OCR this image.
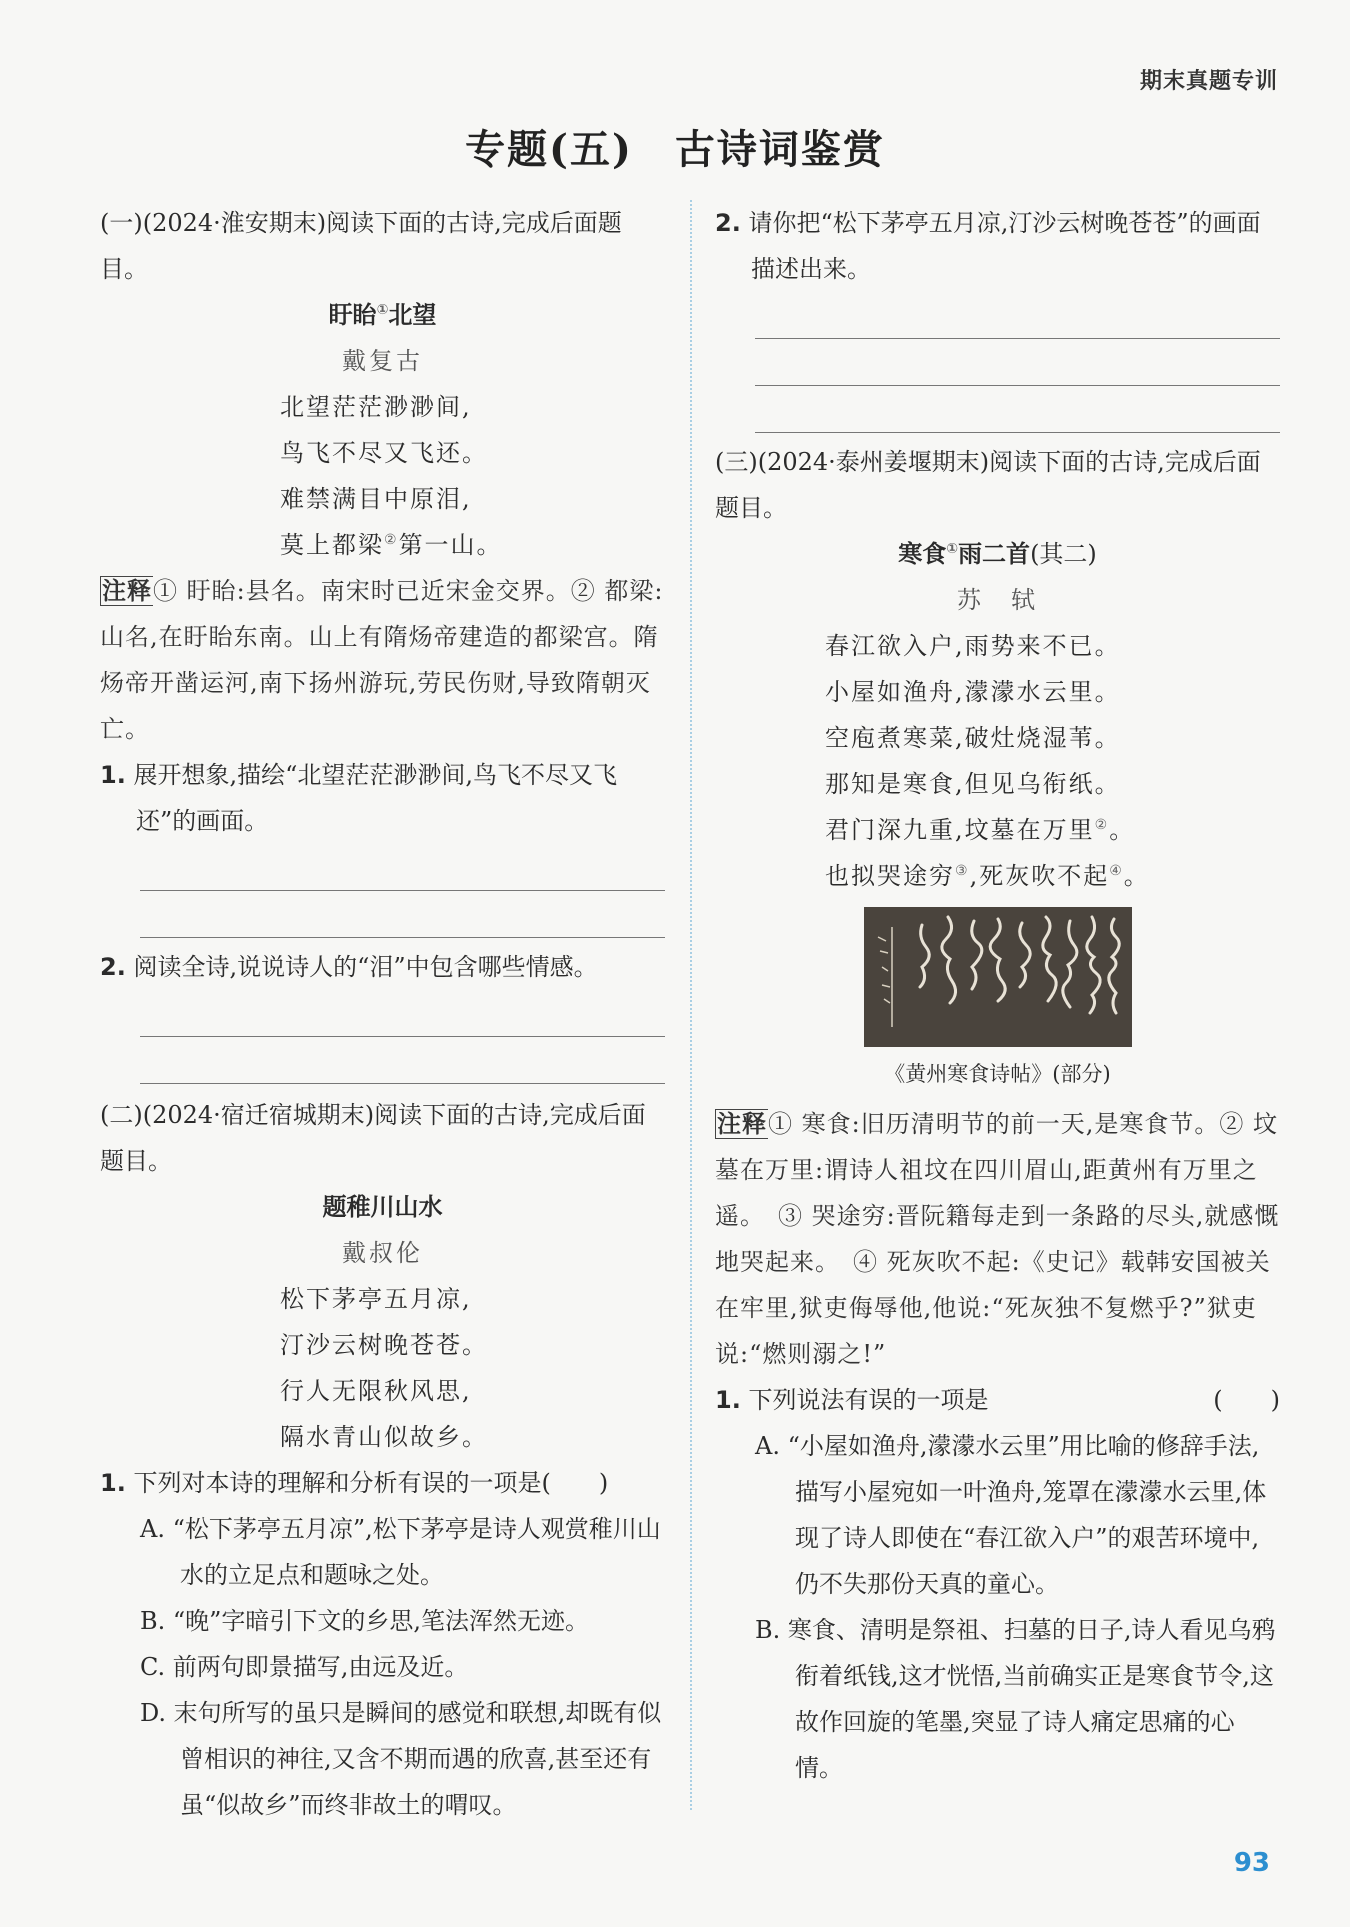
期末真题专训
专题(五)　古诗词鉴赏

(一)(2024·淮安期末)阅读下面的古诗,完成后面题目。

盱眙①北望

戴复古

北望茫茫渺渺间,

鸟飞不尽又飞还。

难禁满目中原泪,

莫上都梁②第一山。

注释① 盱眙:县名。南宋时已近宋金交界。② 都梁:山名,在盱眙东南。山上有隋炀帝建造的都梁宫。隋炀帝开凿运河,南下扬州游玩,劳民伤财,导致隋朝灭亡。

1. 展开想象,描绘“北望茫茫渺渺间,鸟飞不尽又飞还”的画面。

2. 阅读全诗,说说诗人的“泪”中包含哪些情感。

(二)(2024·宿迁宿城期末)阅读下面的古诗,完成后面题目。

题稚川山水

戴叔伦

松下茅亭五月凉,

汀沙云树晚苍苍。

行人无限秋风思,

隔水青山似故乡。

1. 下列对本诗的理解和分析有误的一项是(　　)

A. “松下茅亭五月凉”,松下茅亭是诗人观赏稚川山水的立足点和题咏之处。

B. “晚”字暗引下文的乡思,笔法浑然无迹。

C. 前两句即景描写,由远及近。

D. 末句所写的虽只是瞬间的感觉和联想,却既有似曾相识的神往,又含不期而遇的欣喜,甚至还有虽“似故乡”而终非故土的喟叹。

2. 请你把“松下茅亭五月凉,汀沙云树晚苍苍”的画面描述出来。

(三)(2024·泰州姜堰期末)阅读下面的古诗,完成后面题目。

寒食①雨二首(其二)

苏　轼

春江欲入户,雨势来不已。

小屋如渔舟,濛濛水云里。

空庖煮寒菜,破灶烧湿苇。

那知是寒食,但见乌衔纸。

君门深九重,坟墓在万里②。

也拟哭途穷③,死灰吹不起④。

《黄州寒食诗帖》(部分)

注释① 寒食:旧历清明节的前一天,是寒食节。② 坟墓在万里:谓诗人祖坟在四川眉山,距黄州有万里之遥。　③ 哭途穷:晋阮籍每走到一条路的尽头,就感慨地哭起来。　④ 死灰吹不起:《史记》载韩安国被关在牢里,狱吏侮辱他,他说:“死灰独不复燃乎?”狱吏说:“燃则溺之!”

1. 下列说法有误的一项是	(　　)

A. “小屋如渔舟,濛濛水云里”用比喻的修辞手法,描写小屋宛如一叶渔舟,笼罩在濛濛水云里,体现了诗人即使在“春江欲入户”的艰苦环境中,仍不失那份天真的童心。

B. 寒食、清明是祭祖、扫墓的日子,诗人看见乌鸦衔着纸钱,这才恍悟,当前确实正是寒食节令,这故作回旋的笔墨,突显了诗人痛定思痛的心情。

93
